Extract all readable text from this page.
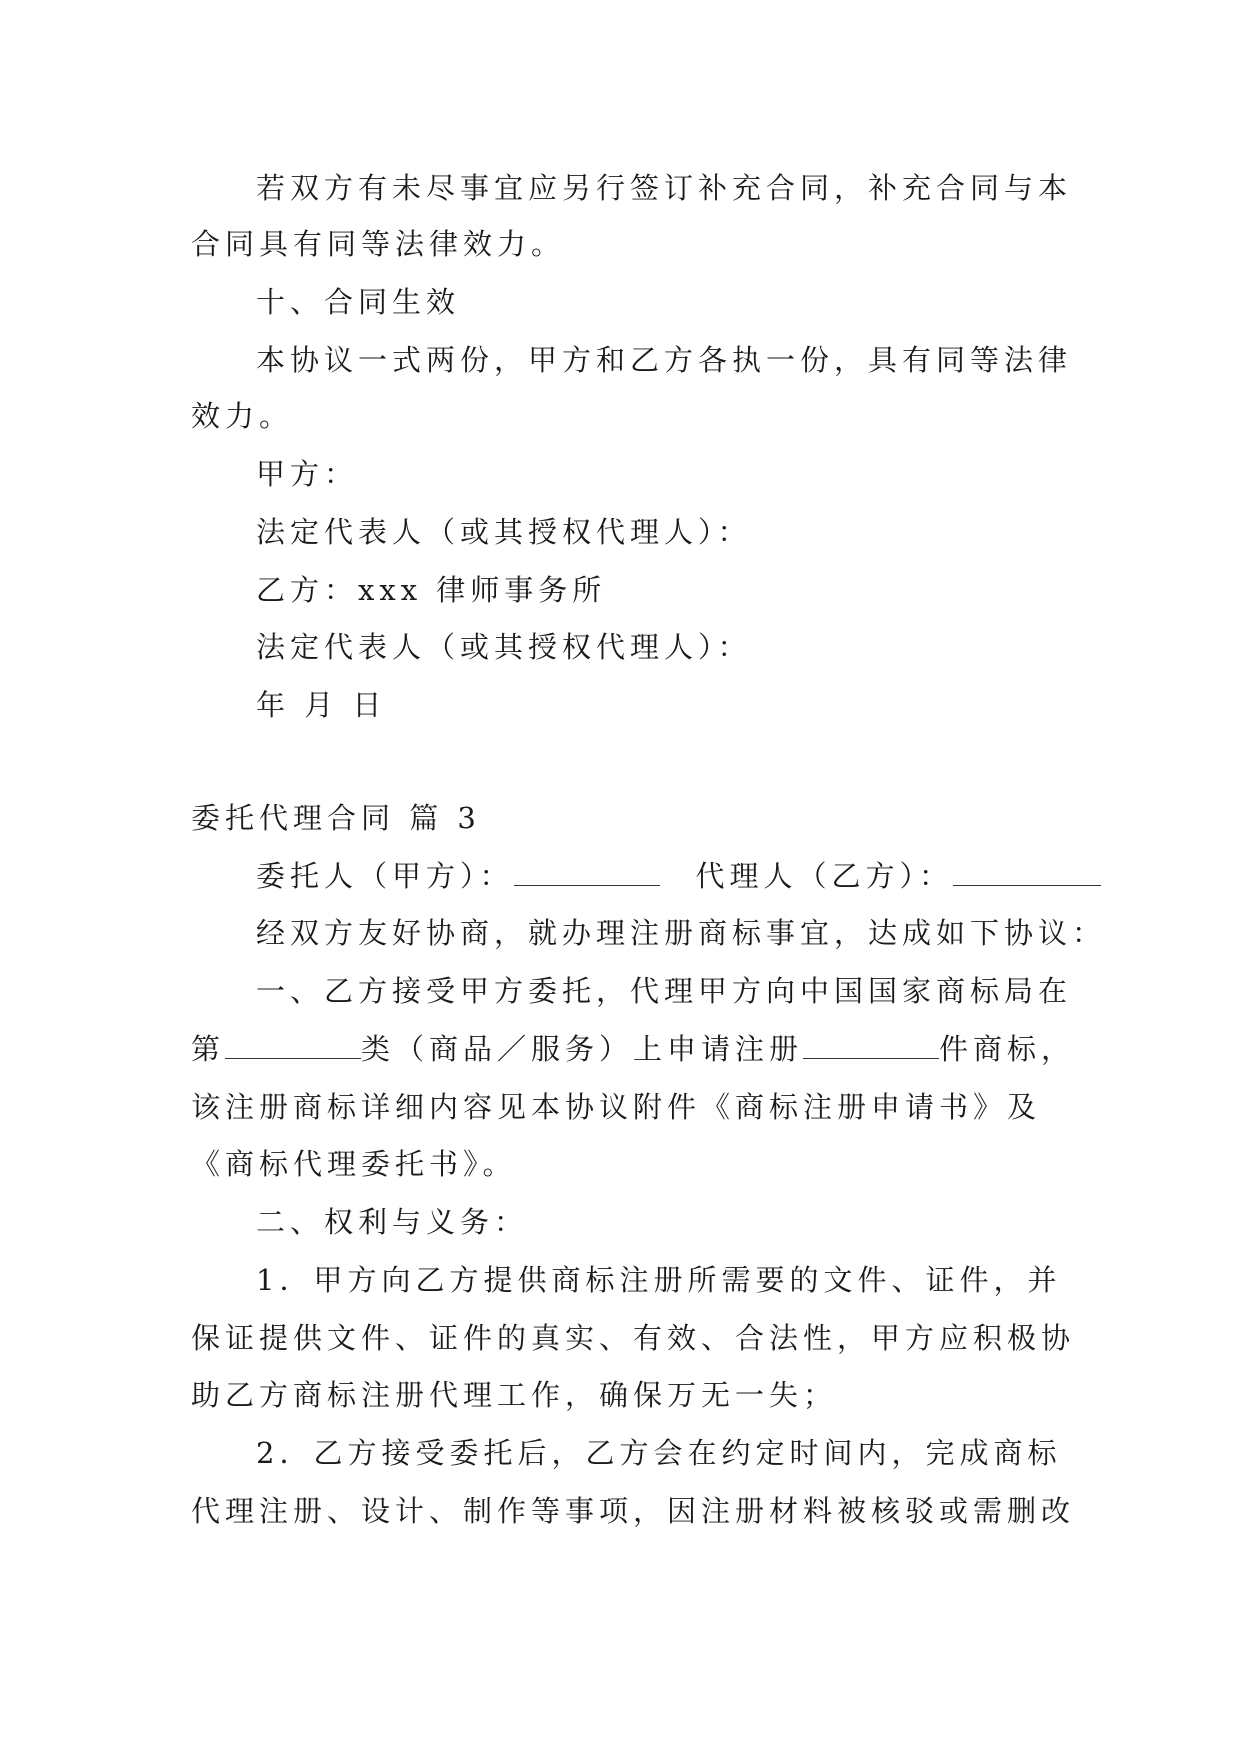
若双方有未尽事宜应另行签订补充合同，补充合同与本
合同具有同等法律效力。
十、合同生效
本协议一式两份，甲方和乙方各执一份，具有同等法律
效力。
甲方：
法定代表人（或其授权代理人）：
乙方：xxx 律师事务所
法定代表人（或其授权代理人）：
年 月 日
委托代理合同 篇 3
委托人（甲方）：	代理人（乙方）：
经双方友好协商，就办理注册商标事宜，达成如下协议：
一、乙方接受甲方委托，代理甲方向中国国家商标局在
第	类（商品／服务）上申请注册	件商标，
该注册商标详细内容见本协议附件《商标注册申请书》及
《商标代理委托书》。
二、权利与义务：
1．甲方向乙方提供商标注册所需要的文件、证件，并
保证提供文件、证件的真实、有效、合法性，甲方应积极协
助乙方商标注册代理工作，确保万无一失；
2．乙方接受委托后，乙方会在约定时间内，完成商标
代理注册、设计、制作等事项，因注册材料被核驳或需删改
